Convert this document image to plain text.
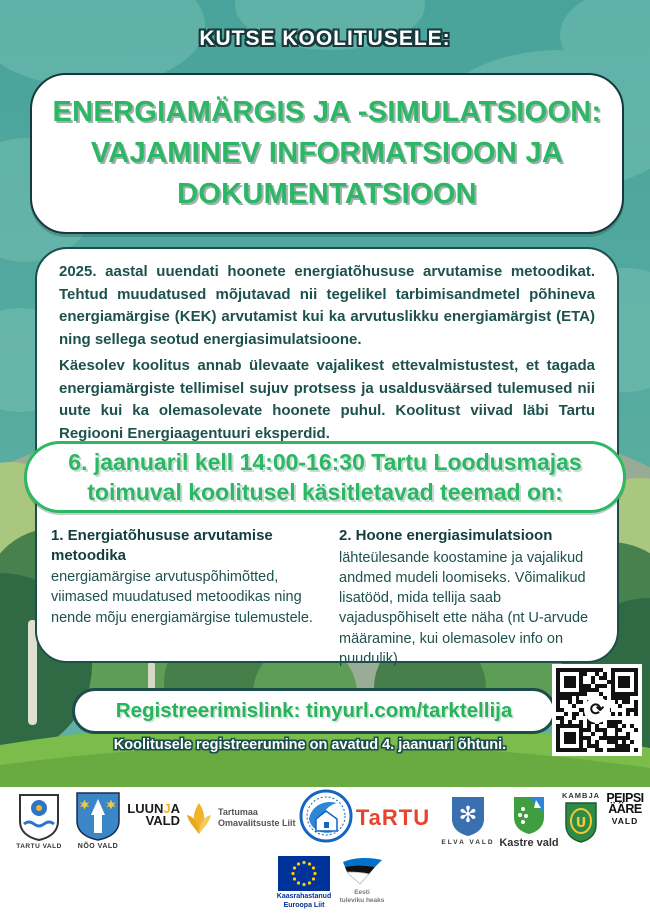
KUTSE KOOLITUSELE:
ENERGIAMÄRGIS JA -SIMULATSIOON:
VAJAMINEV INFORMATSIOON JA
DOKUMENTATSIOON

2025. aastal uuendati hoonete energiatõhususe arvutamise metoodikat. Tehtud muudatused mõjutavad nii tegelikel tarbimisandmetel põhineva energiamärgise (KEK) arvutamist kui ka arvutuslikku energiamärgist (ETA) ning sellega seotud energiasimulatsioone.

Käesolev koolitus annab ülevaate vajalikest ettevalmistustest, et tagada energiamärgiste tellimisel sujuv protsess ja usaldusväärsed tulemused nii uute kui ka olemasolevate hoonete puhul. Koolitust viivad läbi Tartu Regiooni Energiaagentuuri eksperdid.

1. Energiatõhususe arvutamise metoodika

energiamärgise arvutuspõhimõtted, viimased muudatused metoodikas ning nende mõju energiamärgise tulemustele.

2. Hoone energiasimulatsioon

lähteülesande koostamine ja vajalikud andmed mudeli loomiseks. Võimalikud lisatööd, mida tellija saab vajaduspõhiselt ette näha (nt U-arvude määramine, kui olemasolev info on puudulik).

6. jaanuaril kell 14:00-16:30 Tartu Loodusmajas
toimuval koolitusel käsitletavad teemad on:
Registreerimislink: tinyurl.com/tarktellija
Koolitusele registreerumine on avatud 4. jaanuari õhtuni.
⟳
TARTU VALD NÕO VALD
LUUNJA
VALD
Tartumaa
Omavalitsuste Liit	TaRTU ✻
ELVA VALD Kastre vald
KAMBJA
U
PEIPSIÄÄRE
VALD
Kaasrahastanud
Euroopa Liit
Eesti
tuleviku heaks
